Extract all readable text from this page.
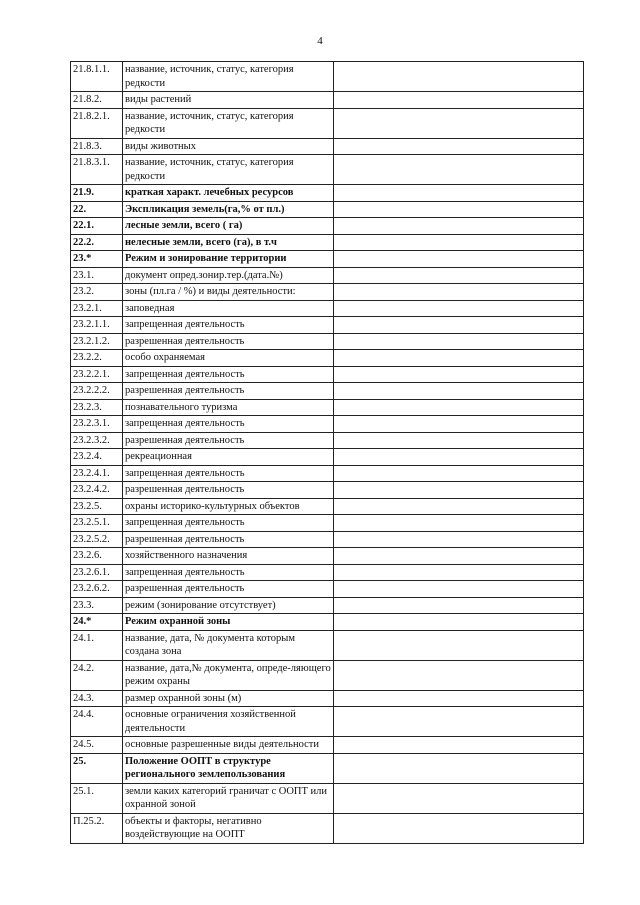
4
21.8.1.1.	название, источник, статус, категория редкости	
21.8.2.	виды растений	
21.8.2.1.	название, источник, статус, категория редкости	
21.8.3.	виды животных	
21.8.3.1.	название, источник, статус, категория редкости	
21.9.	краткая характ. лечебных ресурсов	
22.	Экспликация земель(га,% от пл.)	
22.1.	лесные земли, всего ( га)	
22.2.	нелесные земли, всего (га), в т.ч	
23.*	Режим и зонирование территории	
23.1.	документ опред.зонир.тер.(дата.№)	
23.2.	зоны (пл.га / %) и виды деятельности:	
23.2.1.	заповедная	
23.2.1.1.	запрещенная деятельность	
23.2.1.2.	разрешенная деятельность	
23.2.2.	особо охраняемая	
23.2.2.1.	запрещенная деятельность	
23.2.2.2.	разрешенная деятельность	
23.2.3.	познавательного туризма	
23.2.3.1.	запрещенная деятельность	
23.2.3.2.	разрешенная деятельность	
23.2.4.	рекреационная	
23.2.4.1.	запрещенная деятельность	
23.2.4.2.	разрешенная деятельность	
23.2.5.	охраны историко-культурных объектов	
23.2.5.1.	запрещенная деятельность	
23.2.5.2.	разрешенная деятельность	
23.2.6.	хозяйственного назначения	
23.2.6.1.	запрещенная деятельность	
23.2.6.2.	разрешенная деятельность	
23.3.	режим (зонирование отсутствует)	
24.*	Режим охранной зоны	
24.1.	название, дата, № документа которым создана зона	
24.2.	название, дата,№ документа, опреде-ляющего режим охраны	
24.3.	размер охранной зоны (м)	
24.4.	основные ограничения хозяйственной деятельности	
24.5.	основные разрешенные виды деятельности	
25.	Положение ООПТ в структуре регионального землепользования	
25.1.	земли каких категорий граничат с ООПТ или охранной зоной	
П.25.2.	объекты и факторы, негативно воздействующие на ООПТ	
